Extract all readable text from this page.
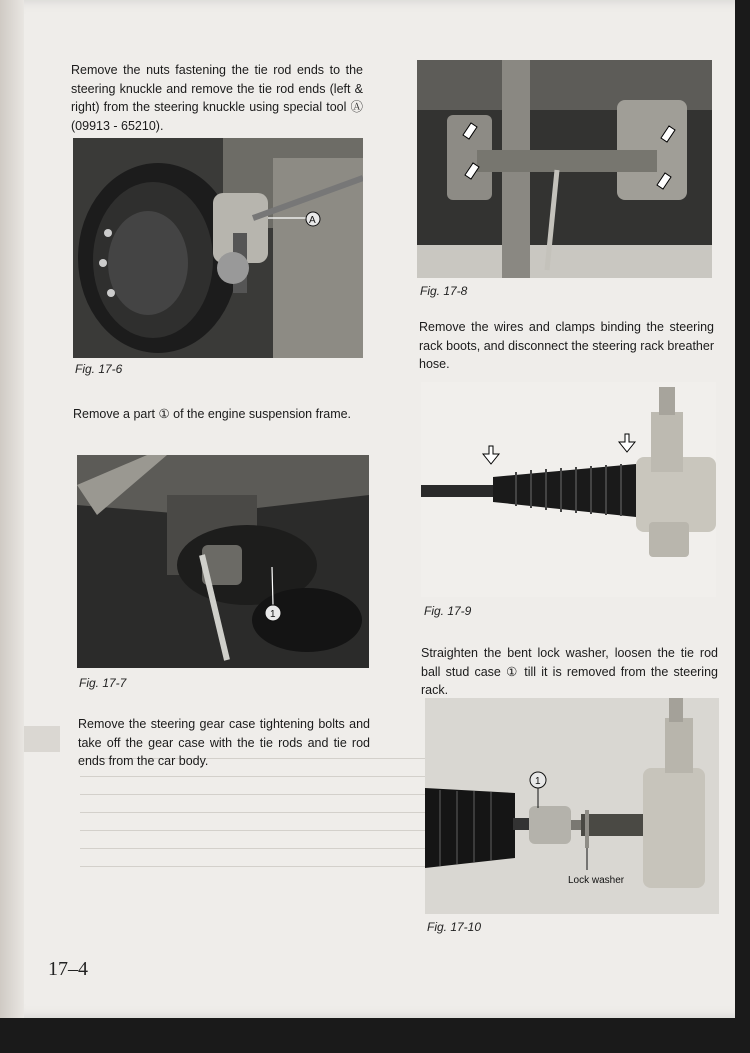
Remove the nuts fastening the tie rod ends to the steering knuckle and remove the tie rod ends (left & right) from the steering knuckle using special tool Ⓐ (09913 - 65210).

A

Fig. 17-6

Remove a part ① of the engine suspension frame.

1

Fig. 17-7

Remove the steering gear case tightening bolts and take off the gear case with the tie rods and tie rod ends from the car body.

Fig. 17-8

Remove the wires and clamps binding the steering rack boots, and disconnect the steering rack breather hose.

Fig. 17-9

Straighten the bent lock washer, loosen the tie rod ball stud case ① till it is removed from the steering rack.

1
Lock washer

Fig. 17-10

17–4
